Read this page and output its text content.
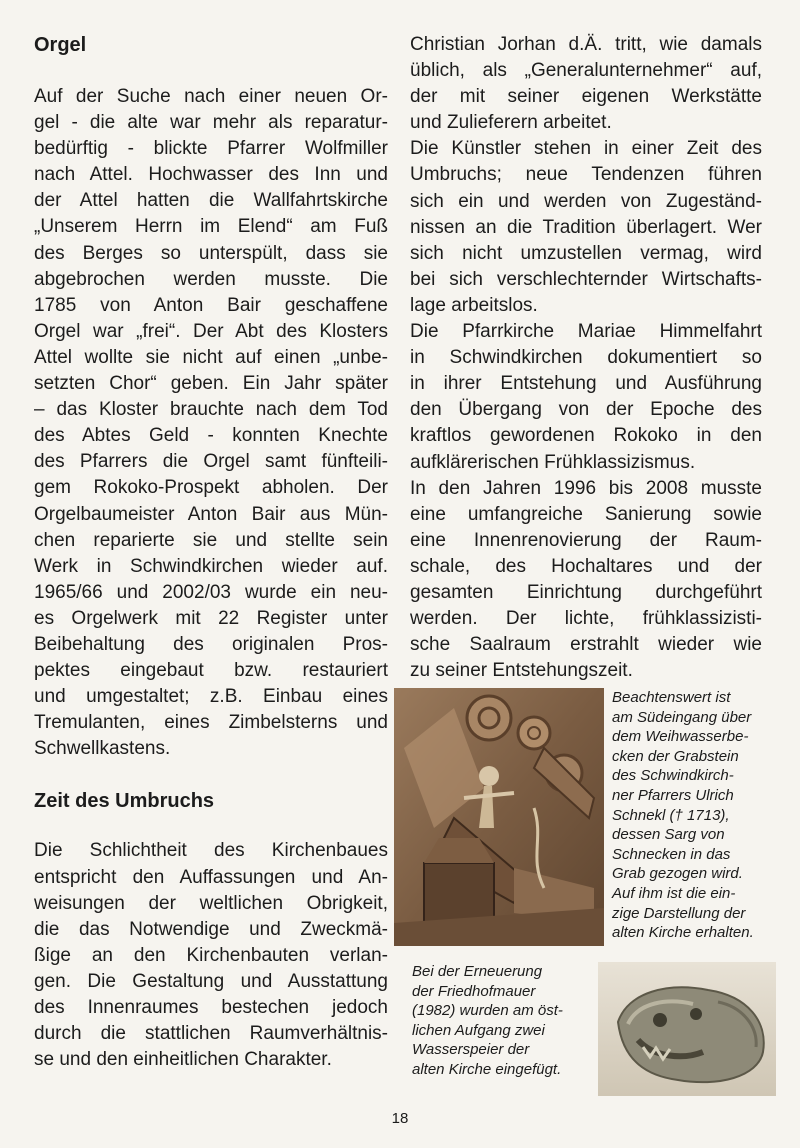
Orgel
Auf der Suche nach einer neuen Or-
gel - die alte war mehr als reparatur-
bedürftig - blickte Pfarrer Wolfmiller
nach Attel. Hochwasser des Inn und
der Attel hatten die Wallfahrtskirche
„Unserem Herrn im Elend“ am Fuß
des Berges so unterspült, dass sie
abgebrochen werden musste. Die
1785 von Anton Bair geschaffene
Orgel war „frei“. Der Abt des Klosters
Attel wollte sie nicht auf einen „unbe-
setzten Chor“ geben. Ein Jahr später
– das Kloster brauchte nach dem Tod
des Abtes Geld - konnten Knechte
des Pfarrers die Orgel samt fünfteili-
gem Rokoko-Prospekt abholen. Der
Orgelbaumeister Anton Bair aus Mün-
chen reparierte sie und stellte sein
Werk in Schwindkirchen wieder auf.
1965/66 und 2002/03 wurde ein neu-
es Orgelwerk mit 22 Register unter
Beibehaltung des originalen Pros-
pektes eingebaut bzw. restauriert
und umgestaltet; z.B. Einbau eines
Tremulanten, eines Zimbelsterns und
Schwellkastens.
Zeit des Umbruchs
Die Schlichtheit des Kirchenbaues
entspricht den Auffassungen und An-
weisungen der weltlichen Obrigkeit,
die das Notwendige und Zweckmä-
ßige an den Kirchenbauten verlan-
gen. Die Gestaltung und Ausstattung
des Innenraumes bestechen jedoch
durch die stattlichen Raumverhältnis-
se und den einheitlichen Charakter.
Christian Jorhan d.Ä. tritt, wie damals
üblich, als „Generalunternehmer“ auf,
der mit seiner eigenen Werkstätte
und Zulieferern arbeitet.
Die Künstler stehen in einer Zeit des
Umbruchs; neue Tendenzen führen
sich ein und werden von Zugeständ-
nissen an die Tradition überlagert. Wer
sich nicht umzustellen vermag, wird
bei sich verschlechternder Wirtschafts-
lage arbeitslos.
Die Pfarrkirche Mariae Himmelfahrt
in Schwindkirchen dokumentiert so
in ihrer Entstehung und Ausführung
den Übergang von der Epoche des
kraftlos gewordenen Rokoko in den
aufklärerischen Frühklassizismus.
In den Jahren 1996 bis 2008 musste
eine umfangreiche Sanierung sowie
eine Innenrenovierung der Raum-
schale, des Hochaltares und der
gesamten Einrichtung durchgeführt
werden. Der lichte, frühklassizisti-
sche Saalraum erstrahlt wieder wie
zu seiner Entstehungszeit.
Beachtenswert ist
am Südeingang über
dem Weihwasserbe-
cken der Grabstein
des Schwindkirch-
ner Pfarrers Ulrich
Schnekl († 1713),
dessen Sarg von
Schnecken in das
Grab gezogen wird.
Auf ihm ist die ein-
zige Darstellung der
alten Kirche erhalten.
Bei der Erneuerung
der Friedhofmauer
(1982) wurden am öst-
lichen Aufgang zwei
Wasserspeier der
alten Kirche eingefügt.
18
